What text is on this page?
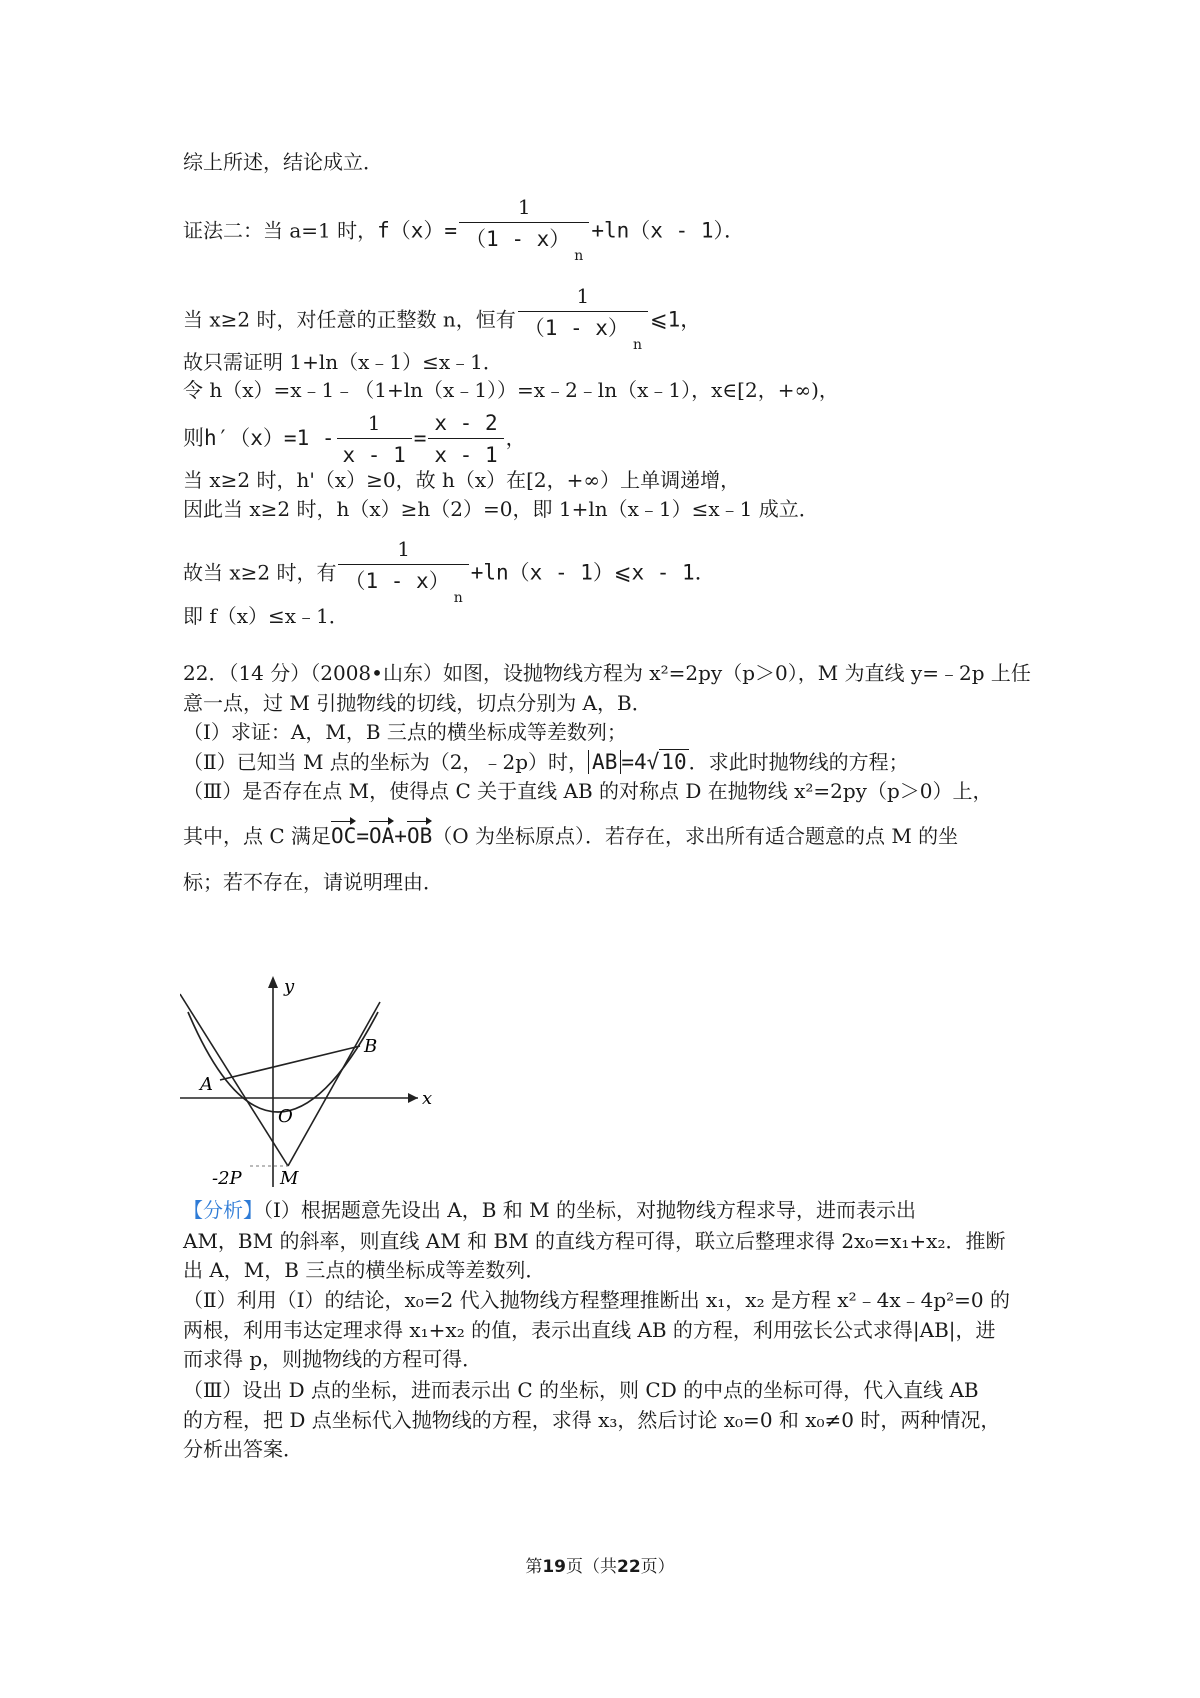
综上所述，结论成立．
证法二：当 a=1 时，$f(x)= \frac{1}{(1 - x)_n} +\ln(x - 1)$．
当 x≥2 时，对任意的正整数 n，恒有 $\frac{1}{(1 - x)_n}$ ⩽1，
故只需证明 1+ln（x﹣1）≤x﹣1．
令 h（x）=x﹣1﹣（1+ln（x﹣1））=x﹣2﹣ln（x﹣1），x∈[2，+∞)，
则$h'(x)=1 - \frac{1}{x - 1} = \frac{x - 2}{x - 1}$ ，
当 x≥2 时，h'（x）≥0，故 h（x）在[2，+∞）上单调递增，
因此当 x≥2 时，h（x）≥h（2）=0，即 1+ln（x﹣1）≤x﹣1 成立．
故当 x≥2 时，有 $\frac{1}{(1 - x)_n} +\ln(x$ - 1）⩽x - 1．
即 f（x）≤x﹣1．
22．（14 分）（2008•山东）如图，设抛物线方程为 x²=2py（p＞0），M 为直线 y=﹣2p 上任
意一点，过 M 引抛物线的切线，切点分别为 A，B．
（Ⅰ）求证：A，M，B 三点的横坐标成等差数列；
（Ⅱ）已知当 M 点的坐标为（2，﹣2p）时， AB =4√10 ．求此时抛物线的方程；
（Ⅲ）是否存在点 M，使得点 C 关于直线 AB 的对称点 D 在抛物线 x²=2py（p＞0）上，
其中，点 C 满足OC=OA+OB（O 为坐标原点）．若存在，求出所有适合题意的点 M 的坐
标；若不存在，请说明理由．
B
A
O
x
y
M
-2P
【分析】（Ⅰ）根据题意先设出 A，B 和 M 的坐标，对抛物线方程求导，进而表示出
AM，BM 的斜率，则直线 AM 和 BM 的直线方程可得，联立后整理求得 2x₀=x₁+x₂．推断
出 A，M，B 三点的横坐标成等差数列．
（Ⅱ）利用（Ⅰ）的结论，x₀=2 代入抛物线方程整理推断出 x₁，x₂ 是方程 x²﹣4x﹣4p²=0 的
两根，利用韦达定理求得 x₁+x₂ 的值，表示出直线 AB 的方程，利用弦长公式求得|AB|，进
而求得 p，则抛物线的方程可得．
（Ⅲ）设出 D 点的坐标，进而表示出 C 的坐标，则 CD 的中点的坐标可得，代入直线 AB
的方程，把 D 点坐标代入抛物线的方程，求得 x₃，然后讨论 x₀=0 和 x₀≠0 时，两种情况，
分析出答案．
第19页（共22页）
